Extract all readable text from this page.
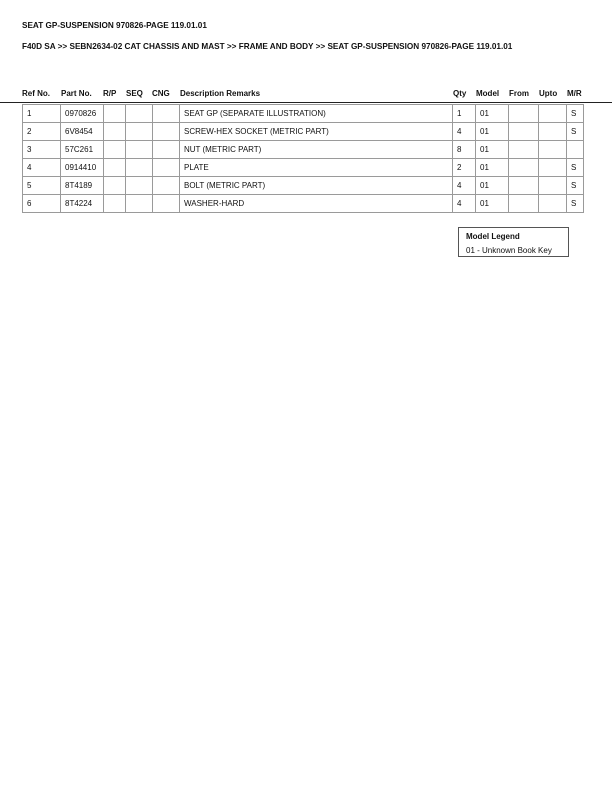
SEAT GP-SUSPENSION 970826-PAGE 119.01.01
F40D SA >> SEBN2634-02 CAT CHASSIS AND MAST >> FRAME AND BODY >> SEAT GP-SUSPENSION 970826-PAGE 119.01.01
Ref No. Part No. R/P SEQ CNG Description Remarks	Qty Model From Upto M/R
1	0970826				SEAT GP (SEPARATE ILLUSTRATION)	1	01			S
2	6V8454				SCREW-HEX SOCKET (METRIC PART)	4	01			S
3	57C261				NUT (METRIC PART)	8	01			
4	0914410				PLATE	2	01			S
5	8T4189				BOLT (METRIC PART)	4	01			S
6	8T4224				WASHER-HARD	4	01			S
Model Legend
01 - Unknown Book Key
